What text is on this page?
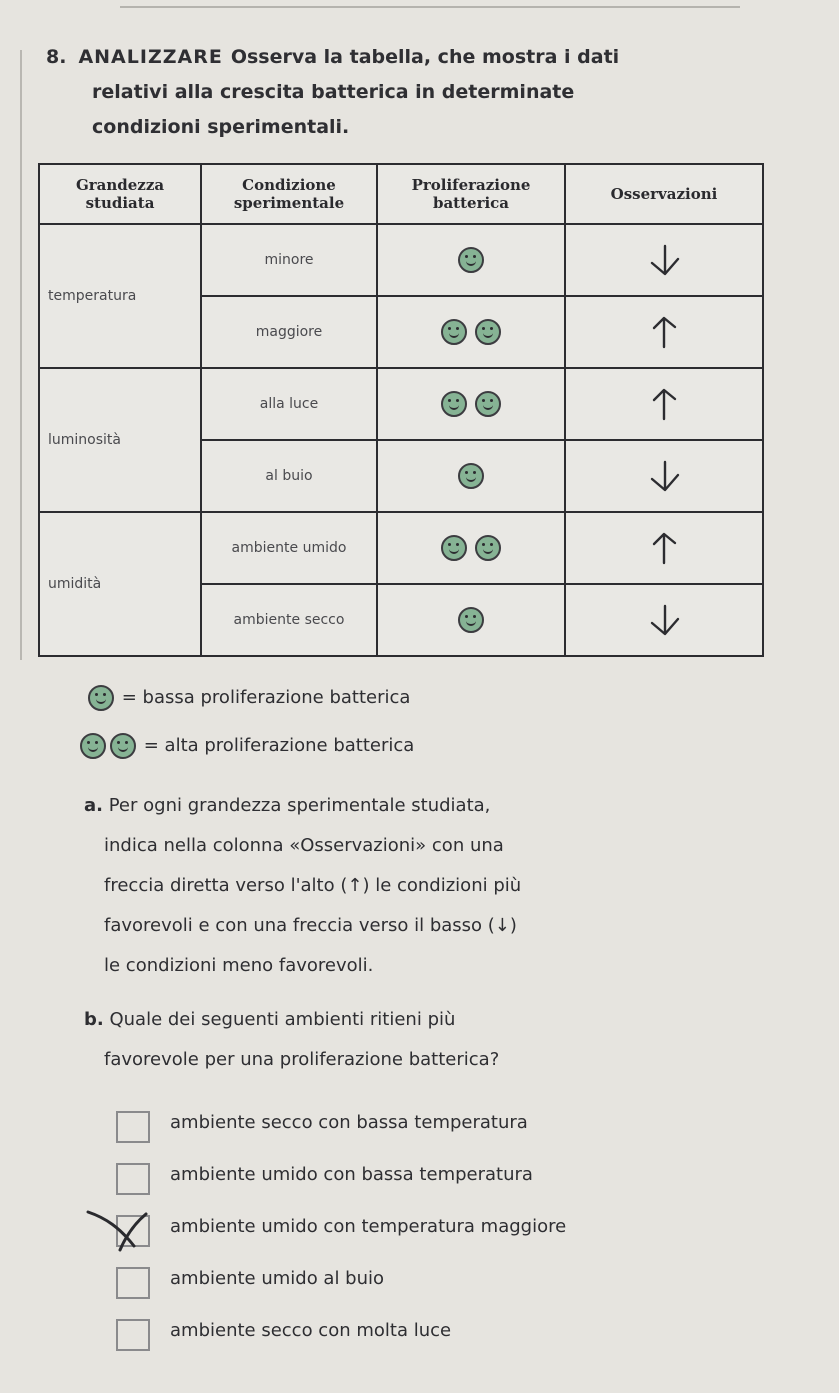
8. ANALIZZARE Osserva la tabella, che mostra i dati
relativi alla crescita batterica in determinate
condizioni sperimentali.
Grandezza studiata	Condizione sperimentale	Proliferazione batterica	Osservazioni
temperatura	minore		
	maggiore		
luminosità	alla luce		
	al buio		
umidità	ambiente umido		
	ambiente secco		
= bassa proliferazione batterica
= alta proliferazione batterica
a. Per ogni grandezza sperimentale studiata,
indica nella colonna «Osservazioni» con una
freccia diretta verso l'alto (↑) le condizioni più
favorevoli e con una freccia verso il basso (↓)
le condizioni meno favorevoli.
b. Quale dei seguenti ambienti ritieni più
favorevole per una proliferazione batterica?
ambiente secco con bassa temperatura
ambiente umido con bassa temperatura
ambiente umido con temperatura maggiore
ambiente umido al buio
ambiente secco con molta luce
